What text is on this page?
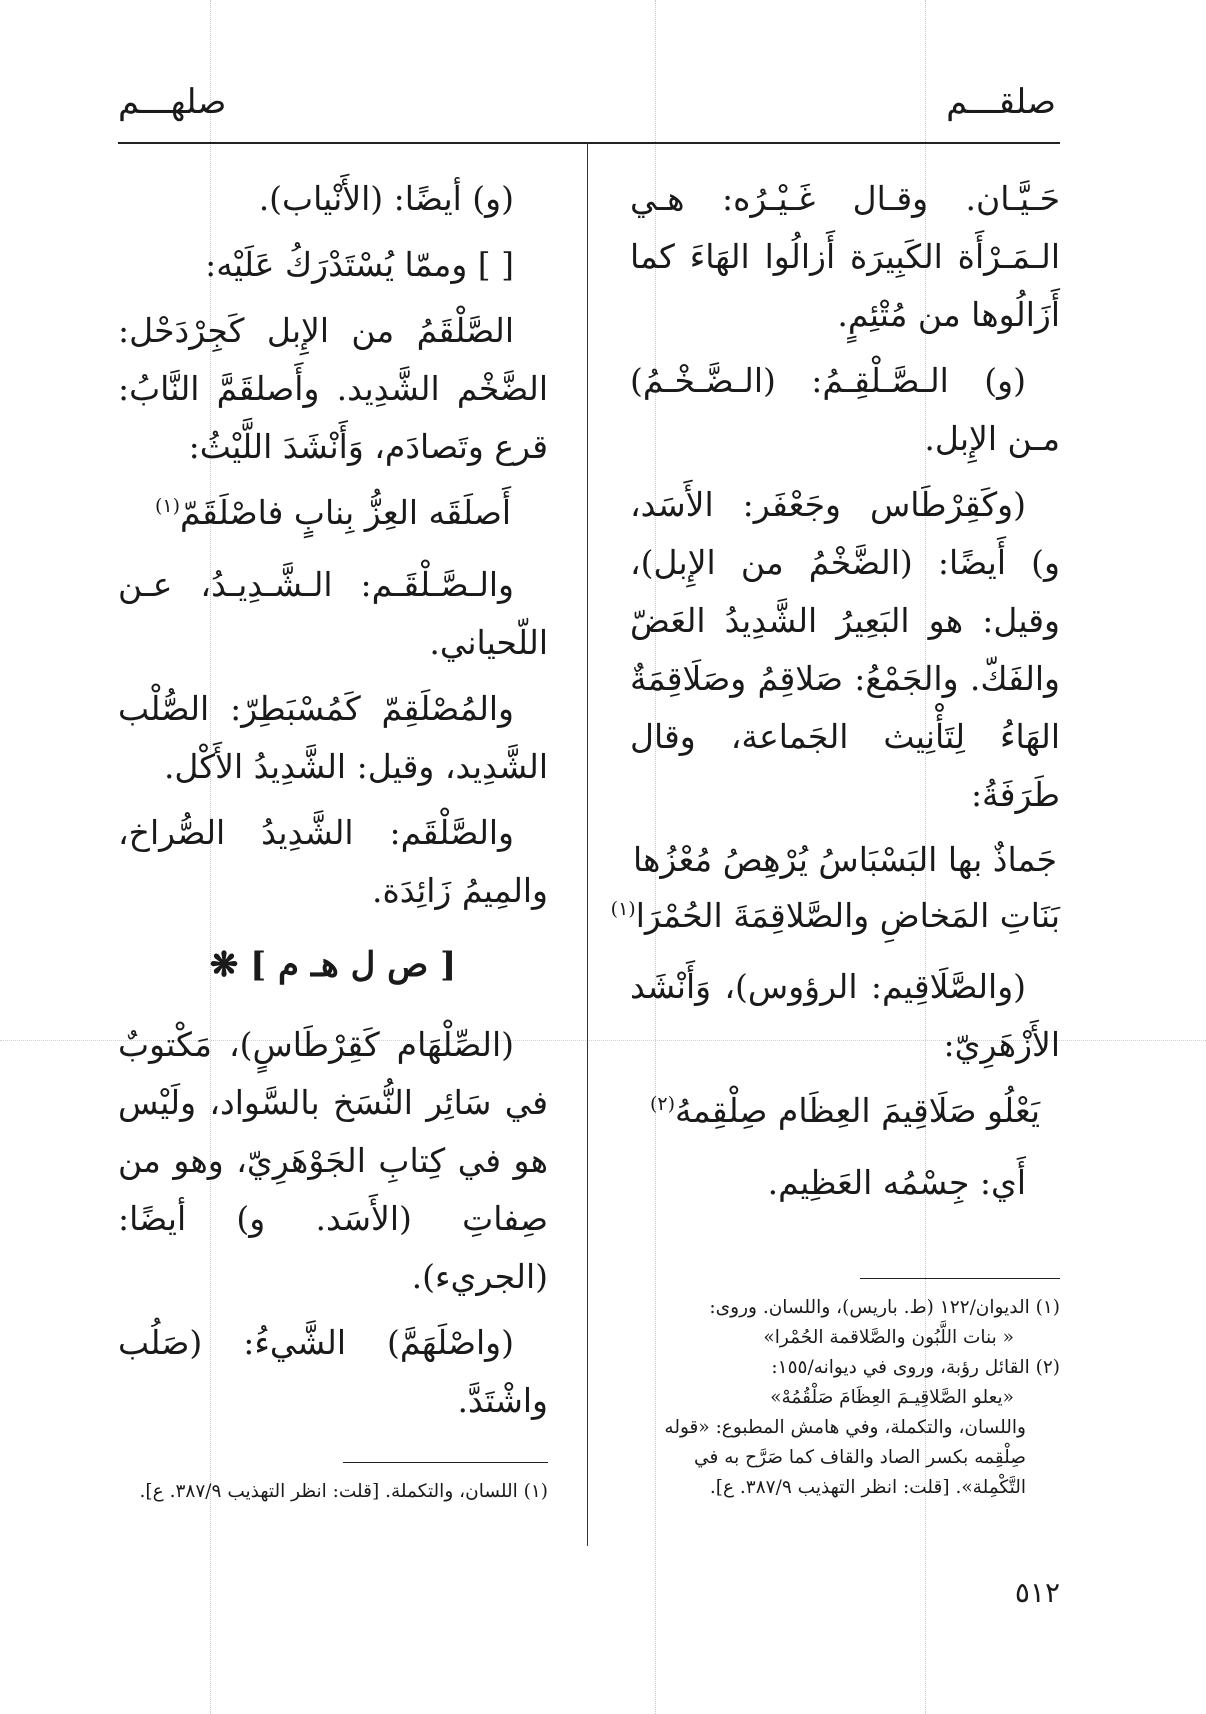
صلقـــم
صلهـــم

حَـيَّـان. وقـال غَـيْـرُه: هـي الـمَـرْأَة الكَبِيرَة أَزالُوا الهَاءَ كما أَزَالُوها من مُتْئِمٍ.

(و) الـصَّـلْقِـمُ: (الـضَّـخْـمُ) مـن الإِبل.

(وكَقِرْطَاس وجَعْفَر: الأَسَد، و) أَيضًا: (الضَّخْمُ من الإِبل)، وقيل: هو البَعِيرُ الشَّدِيدُ العَضّ والفَكّ. والجَمْعُ: صَلاقِمُ وصَلَاقِمَةٌ الهَاءُ لِتَأْنِيث الجَماعة، وقال طَرَفَةُ:

جَماذٌ بها البَسْبَاسُ يُرْهِصُ مُعْزُها
بَنَاتِ المَخاضِ والصَّلاقِمَةَ الحُمْرَا$^{(١)}$

(والصَّلَاقِيم: الرؤوس)، وَأَنْشَد الأَزْهَرِيّ:

يَعْلُو صَلَاقِيمَ العِظَام صِلْقِمهُ$^{(٢)}$

أَي: جِسْمُه العَظِيم.

(١) الديوان/١٢٢ (ط. باريس)، واللسان. وروى:

« بنات اللَّبُون والصَّلاقمة الحُمْرا»

(٢) القائل رؤبة، وروى في ديوانه/١٥٥:

«يعلو الصَّلاقِيـمَ العِظَامَ صَلْقُمُهْ»

واللسان، والتكملة، وفي هامش المطبوع: «قوله صِلْقِمه بكسر الصاد والقاف كما صَرَّح به في التَّكْمِلة». [قلت: انظر التهذيب ٣٨٧/٩. ع].

(و) أيضًا: (الأَنْياب).

[ ] وممّا يُسْتَدْرَكُ عَلَيْه:

الصَّلْقَمُ من الإِبل كَجِرْدَحْل: الضَّخْم الشَّدِيد. وأَصلقَمَّ النَّابُ: قرع وتَصادَم، وَأَنْشَدَ اللَّيْثُ:

أَصلَقَه العِزُّ بِنابٍ فاصْلَقَمّ$^{(١)}$

والـصَّـلْقَـم: الـشَّـدِيـدُ، عـن اللّحياني.

والمُصْلَقِمّ كَمُسْبَطِرّ: الصُّلْب الشَّدِيد، وقيل: الشَّدِيدُ الأَكْل.

والصَّلْقَم: الشَّدِيدُ الصُّراخ، والمِيمُ زَائِدَة.

[ ص ل هـ م ] ❋

(الصِّلْهَام كَقِرْطَاسٍ)، مَكْتوبٌ في سَائِر النُّسَخ بالسَّواد، ولَيْس هو في كِتابِ الجَوْهَرِيّ، وهو من صِفاتِ (الأَسَد. و) أيضًا: (الجريء).

(واصْلَهَمَّ) الشَّيءُ: (صَلُب واشْتَدَّ.

(١) اللسان، والتكملة. [قلت: انظر التهذيب ٣٨٧/٩. ع].

٥١٢
